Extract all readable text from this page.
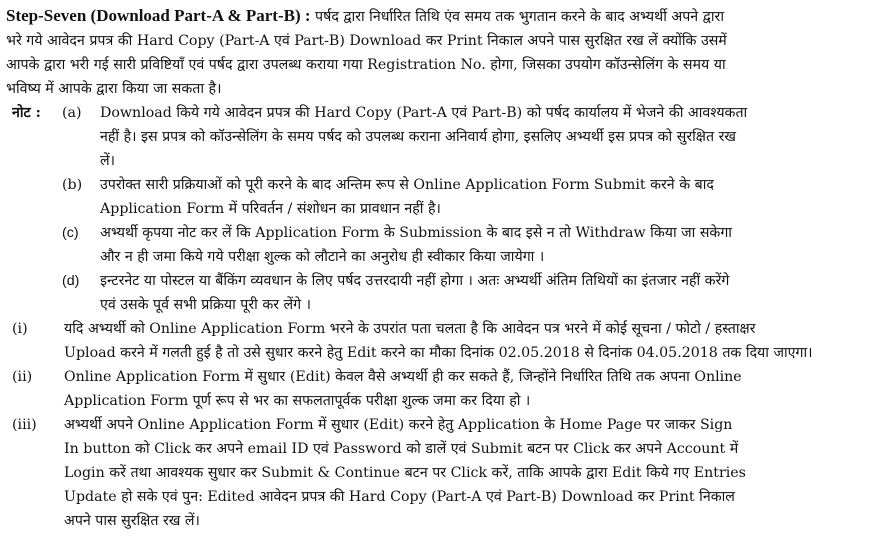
Step-Seven (Download Part-A & Part-B) : पर्षद द्वारा निर्धारित तिथि एंव समय तक भुगतान करने के बाद अभ्यर्थी अपने द्वारा
भरे गये आवेदन प्रपत्र की Hard Copy (Part-A एवं Part-B) Download कर Print निकाल अपने पास सुरक्षित रख लें क्योंकि उसमें
आपके द्वारा भरी गई सारी प्रविष्टियाँ एवं पर्षद द्वारा उपलब्ध कराया गया Registration No. होगा, जिसका उपयोग कॉउन्सेलिंग के समय या
भविष्य में आपके द्वारा किया जा सकता है।
नोट : (a)	Download किये गये आवेदन प्रपत्र की Hard Copy (Part-A एवं Part-B) को पर्षद कार्यालय में भेजने की आवश्यकता
नहीं है। इस प्रपत्र को कॉउन्सेलिंग के समय पर्षद को उपलब्ध कराना अनिवार्य होगा, इसलिए अभ्यर्थी इस प्रपत्र को सुरक्षित रख
लें।
(b)	उपरोक्त सारी प्रक्रियाओं को पूरी करने के बाद अन्तिम रूप से Online Application Form Submit करने के बाद
Application Form में परिवर्तन / संशोधन का प्रावधान नहीं है।
(c)	अभ्यर्थी कृपया नोट कर लें कि Application Form के Submission के बाद इसे न तो Withdraw किया जा सकेगा
और न ही जमा किये गये परीक्षा शुल्क को लौटाने का अनुरोध ही स्वीकार किया जायेगा ।
(d)	इन्टरनेट या पोस्टल या बैंकिंग व्यवधान के लिए पर्षद उत्तरदायी नहीं होगा । अतः अभ्यर्थी अंतिम तिथियों का इंतजार नहीं करेंगे
एवं उसके पूर्व सभी प्रक्रिया पूरी कर लेंगे ।
(i)	यदि अभ्यर्थी को Online Application Form भरने के उपरांत पता चलता है कि आवेदन पत्र भरने में कोई सूचना / फोटो / हस्ताक्षर
Upload करने में गलती हुई है तो उसे सुधार करने हेतु Edit करने का मौका दिनांक 02.05.2018 से दिनांक 04.05.2018 तक दिया जाएगा।
(ii)	Online Application Form में सुधार (Edit) केवल वैसे अभ्यर्थी ही कर सकते हैं, जिन्होंने निर्धारित तिथि तक अपना Online
Application Form पूर्ण रूप से भर का सफलतापूर्वक परीक्षा शुल्क जमा कर दिया हो ।
(iii)	अभ्यर्थी अपने Online Application Form में सुधार (Edit) करने हेतु Application के Home Page पर जाकर Sign
In button को Click कर अपने email ID एवं Password को डालें एवं Submit बटन पर Click कर अपने Account में
Login करें तथा आवश्यक सुधार कर Submit & Continue बटन पर Click करें, ताकि आपके द्वारा Edit किये गए Entries
Update हो सके एवं पुन: Edited आवेदन प्रपत्र की Hard Copy (Part-A एवं Part-B) Download कर Print निकाल
अपने पास सुरक्षित रख लें।
